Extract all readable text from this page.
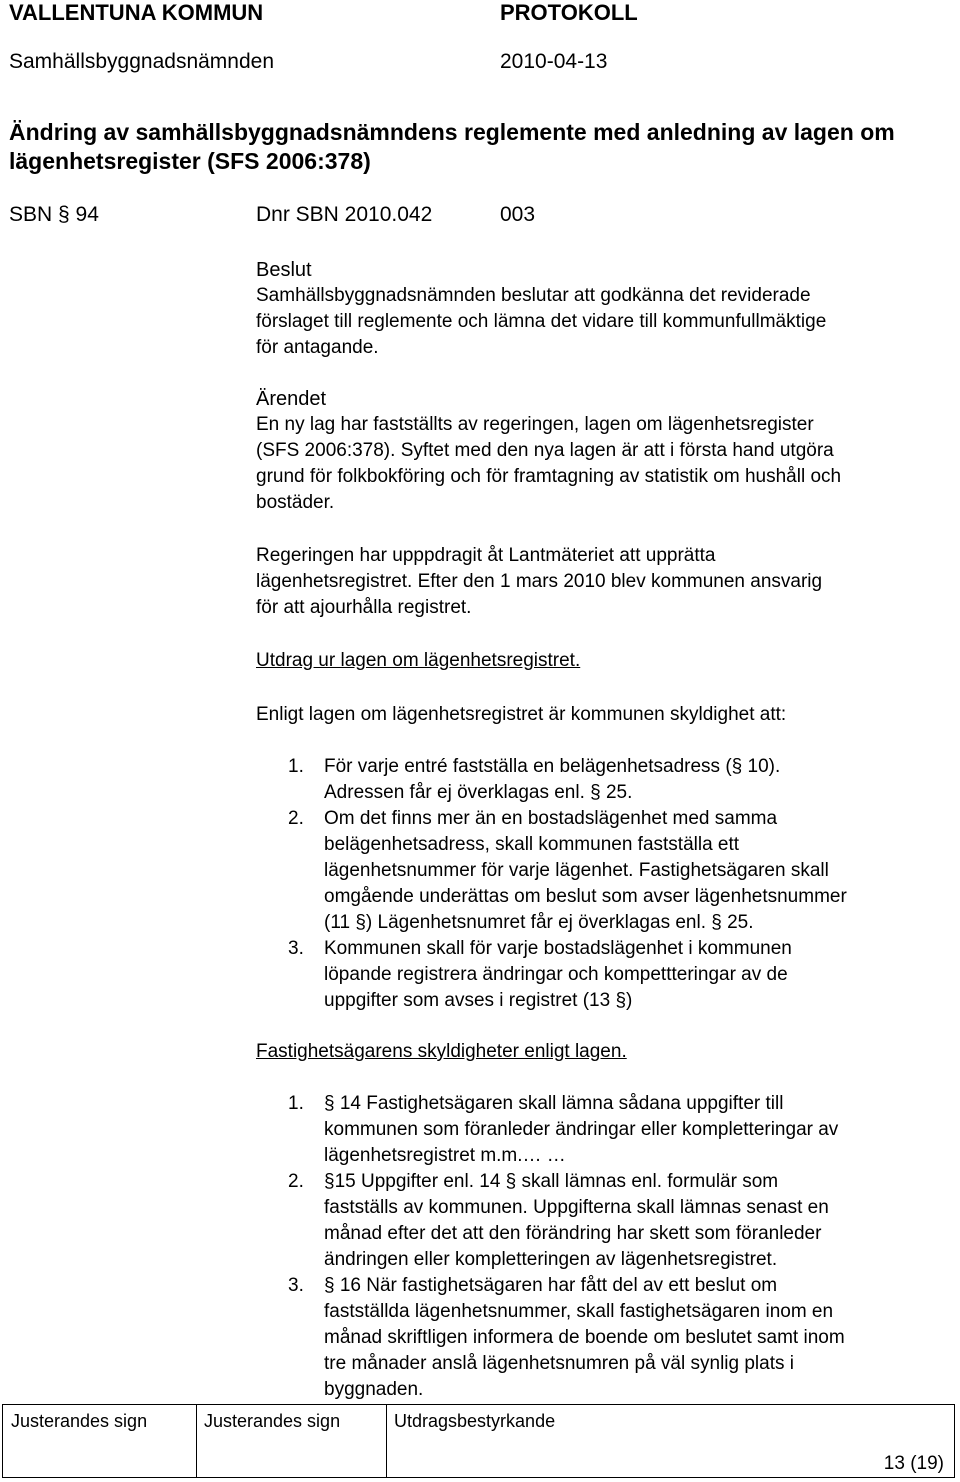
VALLENTUNA KOMMUN	PROTOKOLL
Samhällsbyggnadsnämnden	2010-04-13
Ändring av samhällsbyggnadsnämndens reglemente med anledning av lagen om
lägenhetsregister (SFS 2006:378)
SBN § 94	Dnr SBN 2010.042	003
Beslut
Samhällsbyggnadsnämnden beslutar att godkänna det reviderade
förslaget till reglemente och lämna det vidare till kommunfullmäktige
för antagande.
Ärendet
En ny lag har fastställts av regeringen, lagen om lägenhetsregister
(SFS 2006:378). Syftet med den nya lagen är att i första hand utgöra
grund för folkbokföring och för framtagning av statistik om hushåll och
bostäder.
Regeringen har upppdragit åt Lantmäteriet att upprätta
lägenhetsregistret. Efter den 1 mars 2010 blev kommunen ansvarig
för att ajourhålla registret.
Utdrag ur lagen om lägenhetsregistret.
Enligt lagen om lägenhetsregistret är kommunen skyldighet att:
1. För varje entré fastställa en belägenhetsadress (§ 10).
Adressen får ej överklagas enl. § 25.
2. Om det finns mer än en bostadslägenhet med samma
belägenhetsadress, skall kommunen fastställa ett
lägenhetsnummer för varje lägenhet. Fastighetsägaren skall
omgående underättas om beslut som avser lägenhetsnummer
(11 §) Lägenhetsnumret får ej överklagas enl. § 25.
3. Kommunen skall för varje bostadslägenhet i kommunen
löpande registrera ändringar och kompettteringar av de
uppgifter som avses i registret (13 §)
Fastighetsägarens skyldigheter enligt lagen.
1. § 14 Fastighetsägaren skall lämna sådana uppgifter till
kommunen som föranleder ändringar eller kompletteringar av
lägenhetsregistret m.m.… …
2. §15 Uppgifter enl. 14 § skall lämnas enl. formulär som
fastställs av kommunen. Uppgifterna skall lämnas senast en
månad efter det att den förändring har skett som föranleder
ändringen eller kompletteringen av lägenhetsregistret.
3. § 16 När fastighetsägaren har fått del av ett beslut om
fastställda lägenhetsnummer, skall fastighetsägaren inom en
månad skriftligen informera de boende om beslutet samt inom
tre månader anslå lägenhetsnumren på väl synlig plats i
byggnaden.
Justerandes sign	Justerandes sign	Utdragsbestyrkande
13 (19)
